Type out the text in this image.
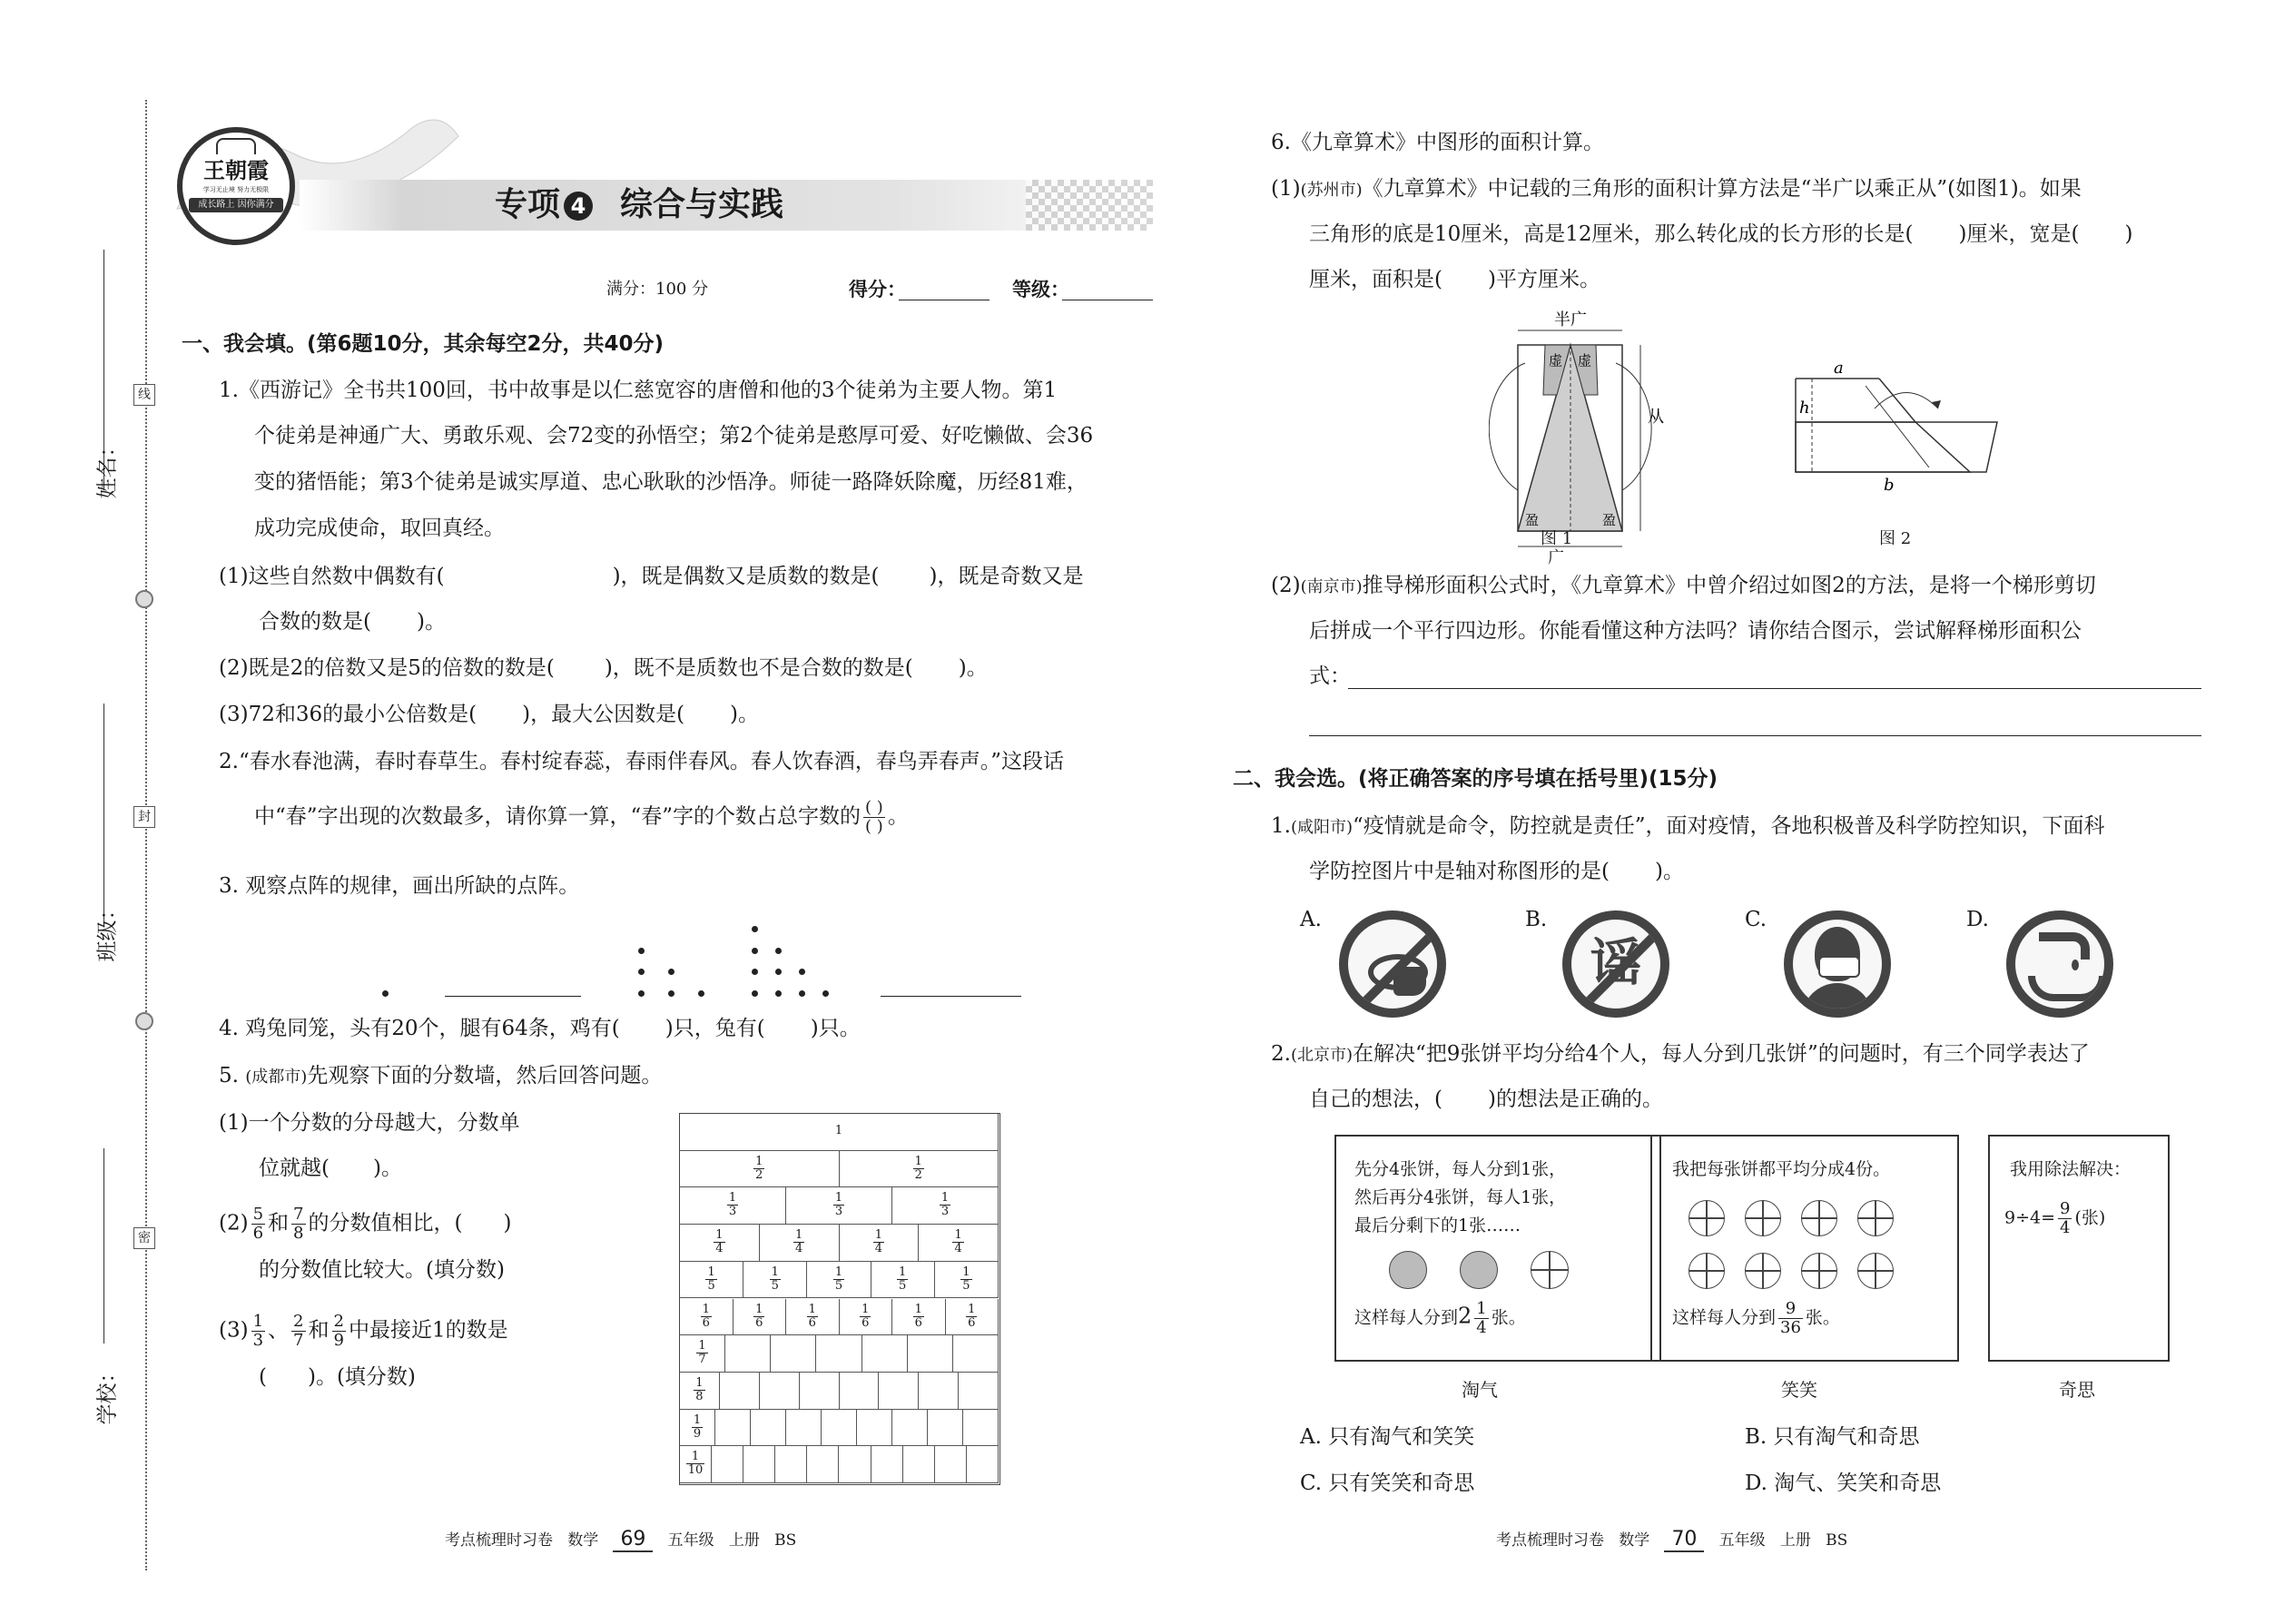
线
封
密
姓名：
班级：
学校：
王朝霞
学习无止境 努力无极限
成长路上 因你满分	专项 4 综合与实践
满分：100 分	得分：	等级：
一、我会填。(第6题10分，其余每空2分，共40分)
1.《西游记》全书共100回，书中故事是以仁慈宽容的唐僧和他的3个徒弟为主要人物。第1
个徒弟是神通广大、勇敢乐观、会72变的孙悟空；第2个徒弟是憨厚可爱、好吃懒做、会36
变的猪悟能；第3个徒弟是诚实厚道、忠心耿耿的沙悟净。师徒一路降妖除魔，历经81难，
成功完成使命，取回真经。
(1)这些自然数中偶数有(	)，既是偶数又是质数的数是( )，既是奇数又是
合数的数是( )。
(2)既是2的倍数又是5的倍数的数是( )，既不是质数也不是合数的数是( )。
(3)72和36的最小公倍数是( )，最大公因数是( )。
2.“春水春池满，春时春草生。春村绽春蕊，春雨伴春风。春人饮春酒，春鸟弄春声。”这段话
中“春”字出现的次数最多，请你算一算，“春”字的个数占总字数的 $\frac{( )}{( )}$ 。
3. 观察点阵的规律，画出所缺的点阵。
4. 鸡兔同笼，头有20个，腿有64条，鸡有( )只，兔有( )只。
5. (成都市)先观察下面的分数墙，然后回答问题。
(1)一个分数的分母越大，分数单
位就越( )。
$(2) \frac{5}{6}$ 和 $\frac{7}{8}$ 的分数值相比，( )
的分数值比较大。(填分数)
$(3) \frac{1}{3}$ 、 $\frac{2}{7}$ 和 $\frac{2}{9}$ 中最接近1的数是
( )。(填分数)
1
$\frac{1}{2}$	$\frac{1}{2}$
$\frac{1}{3}$	$\frac{1}{3}$	$\frac{1}{3}$
$\frac{1}{4}$	$\frac{1}{4}$	$\frac{1}{4}$	$\frac{1}{4}$
$\frac{1}{5}$	$\frac{1}{5}$	$\frac{1}{5}$	$\frac{1}{5}$	$\frac{1}{5}$
$\frac{1}{6}$	$\frac{1}{6}$	$\frac{1}{6}$	$\frac{1}{6}$	$\frac{1}{6}$	$\frac{1}{6}$
$\frac{1}{7}$
$\frac{1}{8}$
$\frac{1}{9}$
$\frac{1}{10}$
考点梳理时习卷 数学 69 五年级 上册 BS
6.《九章算术》中图形的面积计算。
(1)(苏州市)《九章算术》中记载的三角形的面积计算方法是“半广以乘正从”(如图1)。如果
三角形的底是10厘米，高是12厘米，那么转化成的长方形的长是( )厘米，宽是( )
厘米，面积是( )平方厘米。
半广
从
虚 虚
盈	盈
广
图 1
a
h
b
图 2
(2)(南京市)推导梯形面积公式时，《九章算术》中曾介绍过如图2的方法，是将一个梯形剪切
后拼成一个平行四边形。你能看懂这种方法吗？请你结合图示，尝试解释梯形面积公
式：
二、我会选。(将正确答案的序号填在括号里)(15分)
1.(咸阳市)“疫情就是命令，防控就是责任”，面对疫情，各地积极普及科学防控知识，下面科
学防控图片中是轴对称图形的是( )。
A.	B.
谣
C.	D.
2.(北京市)在解决“把9张饼平均分给4个人，每人分到几张饼”的问题时，有三个同学表达了
自己的想法，( )的想法是正确的。
先分4张饼，每人分到1张，
然后再分4张饼，每人1张，
最后分剩下的1张……
这样每人分到$2 \frac{1}{4}$ 张。
淘气
我把每张饼都平均分成4份。
这样每人分到 $\frac{9}{36}$ 张。
笑笑
我用除法解决：
$9\div 4= \frac{9}{4}$ (张)
奇思
A. 只有淘气和笑笑	B. 只有淘气和奇思
C. 只有笑笑和奇思	D. 淘气、笑笑和奇思
考点梳理时习卷 数学 70 五年级 上册 BS
